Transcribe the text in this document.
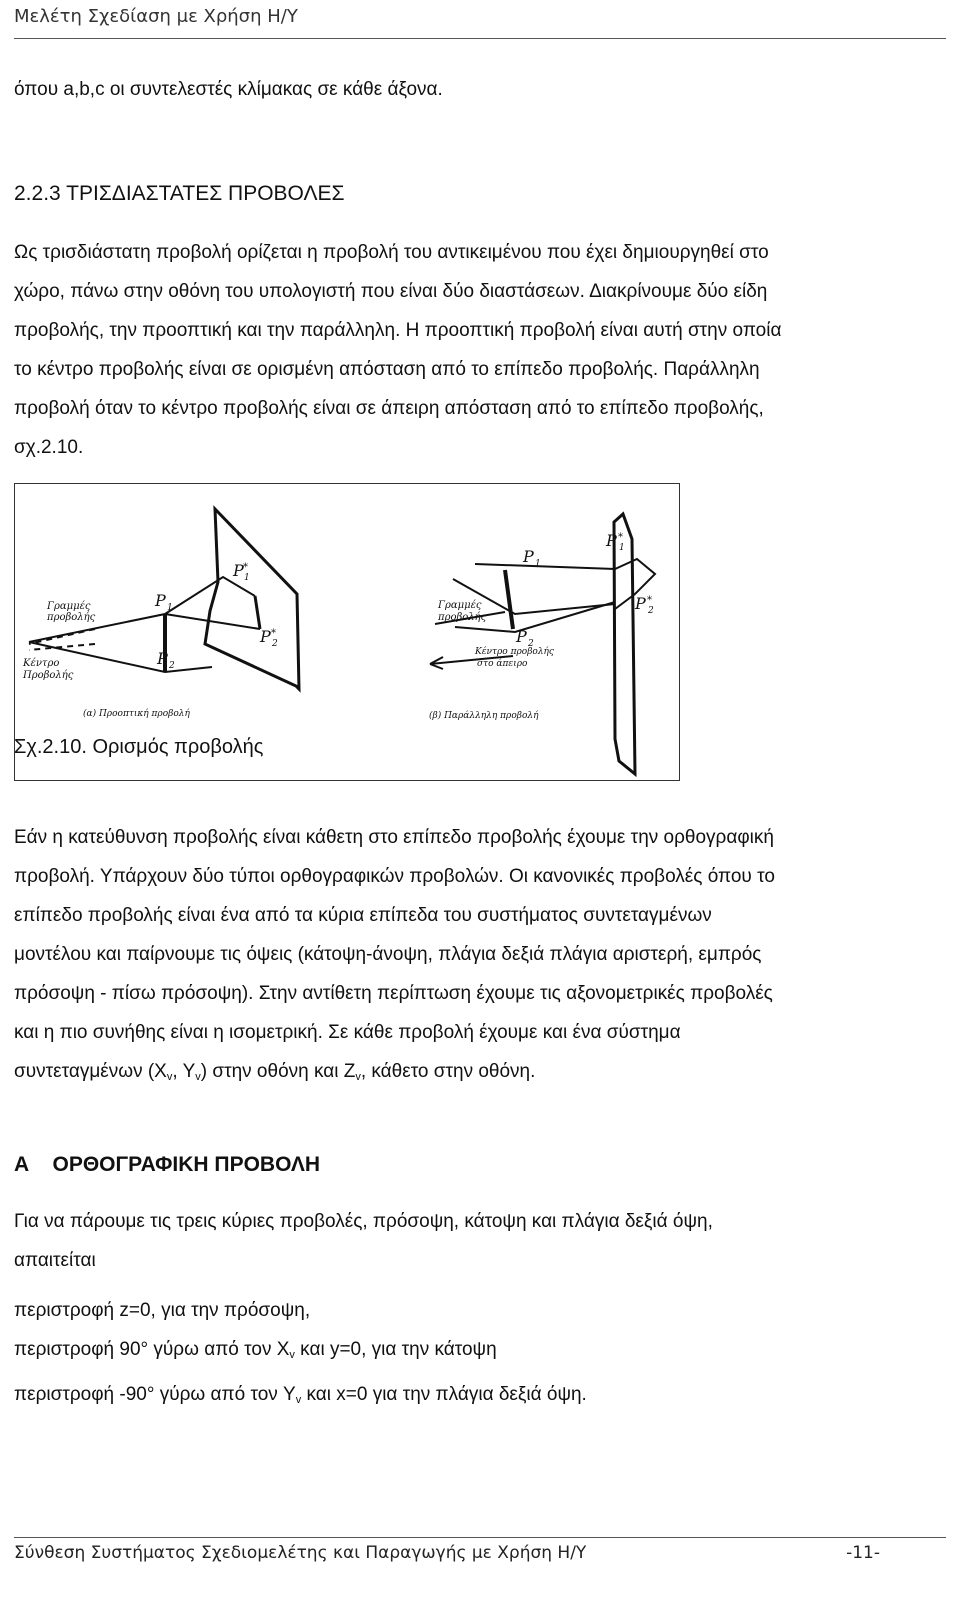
Μελέτη Σχεδίαση με Χρήση Η/Υ
όπου a,b,c οι συντελεστές κλίμακας σε κάθε άξονα.
2.2.3 ΤΡΙΣΔΙΑΣΤΑΤΕΣ ΠΡΟΒΟΛΕΣ
Ως τρισδιάστατη προβολή ορίζεται η προβολή του αντικειμένου που έχει δημιουργηθεί στο
χώρο, πάνω στην οθόνη του υπολογιστή που είναι δύο διαστάσεων. Διακρίνουμε δύο είδη
προβολής, την προοπτική και την παράλληλη. Η προοπτική προβολή είναι αυτή στην οποία
το κέντρο προβολής είναι σε ορισμένη απόσταση από το επίπεδο προβολής. Παράλληλη
προβολή όταν το κέντρο προβολής είναι σε άπειρη απόσταση από το επίπεδο προβολής,
σχ.2.10.
Γραμμές
προβολής
Κέντρο
Προβολής
P 1
P 2
P *
1
P *
2
(α) Προοπτική προβολή
Γραμμές
προβολής
Κέντρο προβολής
στο άπειρο
P 1
P 2
P *
1
P *
2
(β) Παράλληλη προβολή
Σχ.2.10. Ορισμός προβολής
Εάν η κατεύθυνση προβολής είναι κάθετη στο επίπεδο προβολής έχουμε την ορθογραφική
προβολή. Υπάρχουν δύο τύποι ορθογραφικών προβολών. Οι κανονικές προβολές όπου το
επίπεδο προβολής είναι ένα από τα κύρια επίπεδα του συστήματος συντεταγμένων
μοντέλου και παίρνουμε τις όψεις (κάτοψη-άνοψη, πλάγια δεξιά πλάγια αριστερή, εμπρός
πρόσοψη - πίσω πρόσοψη). Στην αντίθετη περίπτωση έχουμε τις αξονομετρικές προβολές
και η πιο συνήθης είναι η ισομετρική. Σε κάθε προβολή έχουμε και ένα σύστημα
συντεταγμένων ($X_v$, $Y_v$) στην οθόνη και $Z_v$, κάθετο στην οθόνη.
Α    ΟΡΘΟΓΡΑΦΙΚΗ ΠΡΟΒΟΛΗ
Για να πάρουμε τις τρεις κύριες προβολές, πρόσοψη, κάτοψη και πλάγια δεξιά όψη,
απαιτείται
περιστροφή z=0, για την πρόσοψη,
περιστροφή 90° γύρω από τον $X_v$ και y=0, για την κάτοψη
περιστροφή -90° γύρω από τον $Y_v$ και x=0 για την πλάγια δεξιά όψη.
Σύνθεση Συστήματος Σχεδιομελέτης και Παραγωγής με Χρήση Η/Υ	-11-
